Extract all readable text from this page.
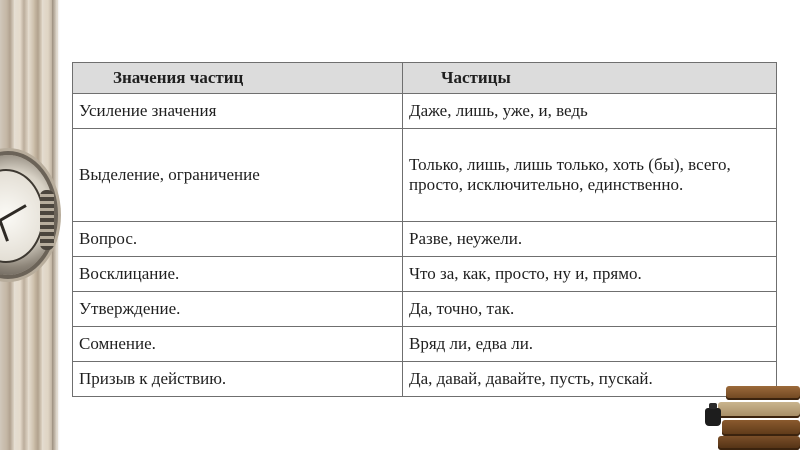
Значения частиц	Частицы
Усиление значения	Даже, лишь, уже, и, ведь
Выделение, ограничение	Только, лишь, лишь только, хоть (бы), всего, просто, исключительно, единственно.
Вопрос.	Разве, неужели.
Восклицание.	Что за, как, просто, ну и, прямо.
Утверждение.	Да, точно, так.
Сомнение.	Вряд ли, едва ли.
Призыв к действию.	Да, давай, давайте, пусть, пускай.
